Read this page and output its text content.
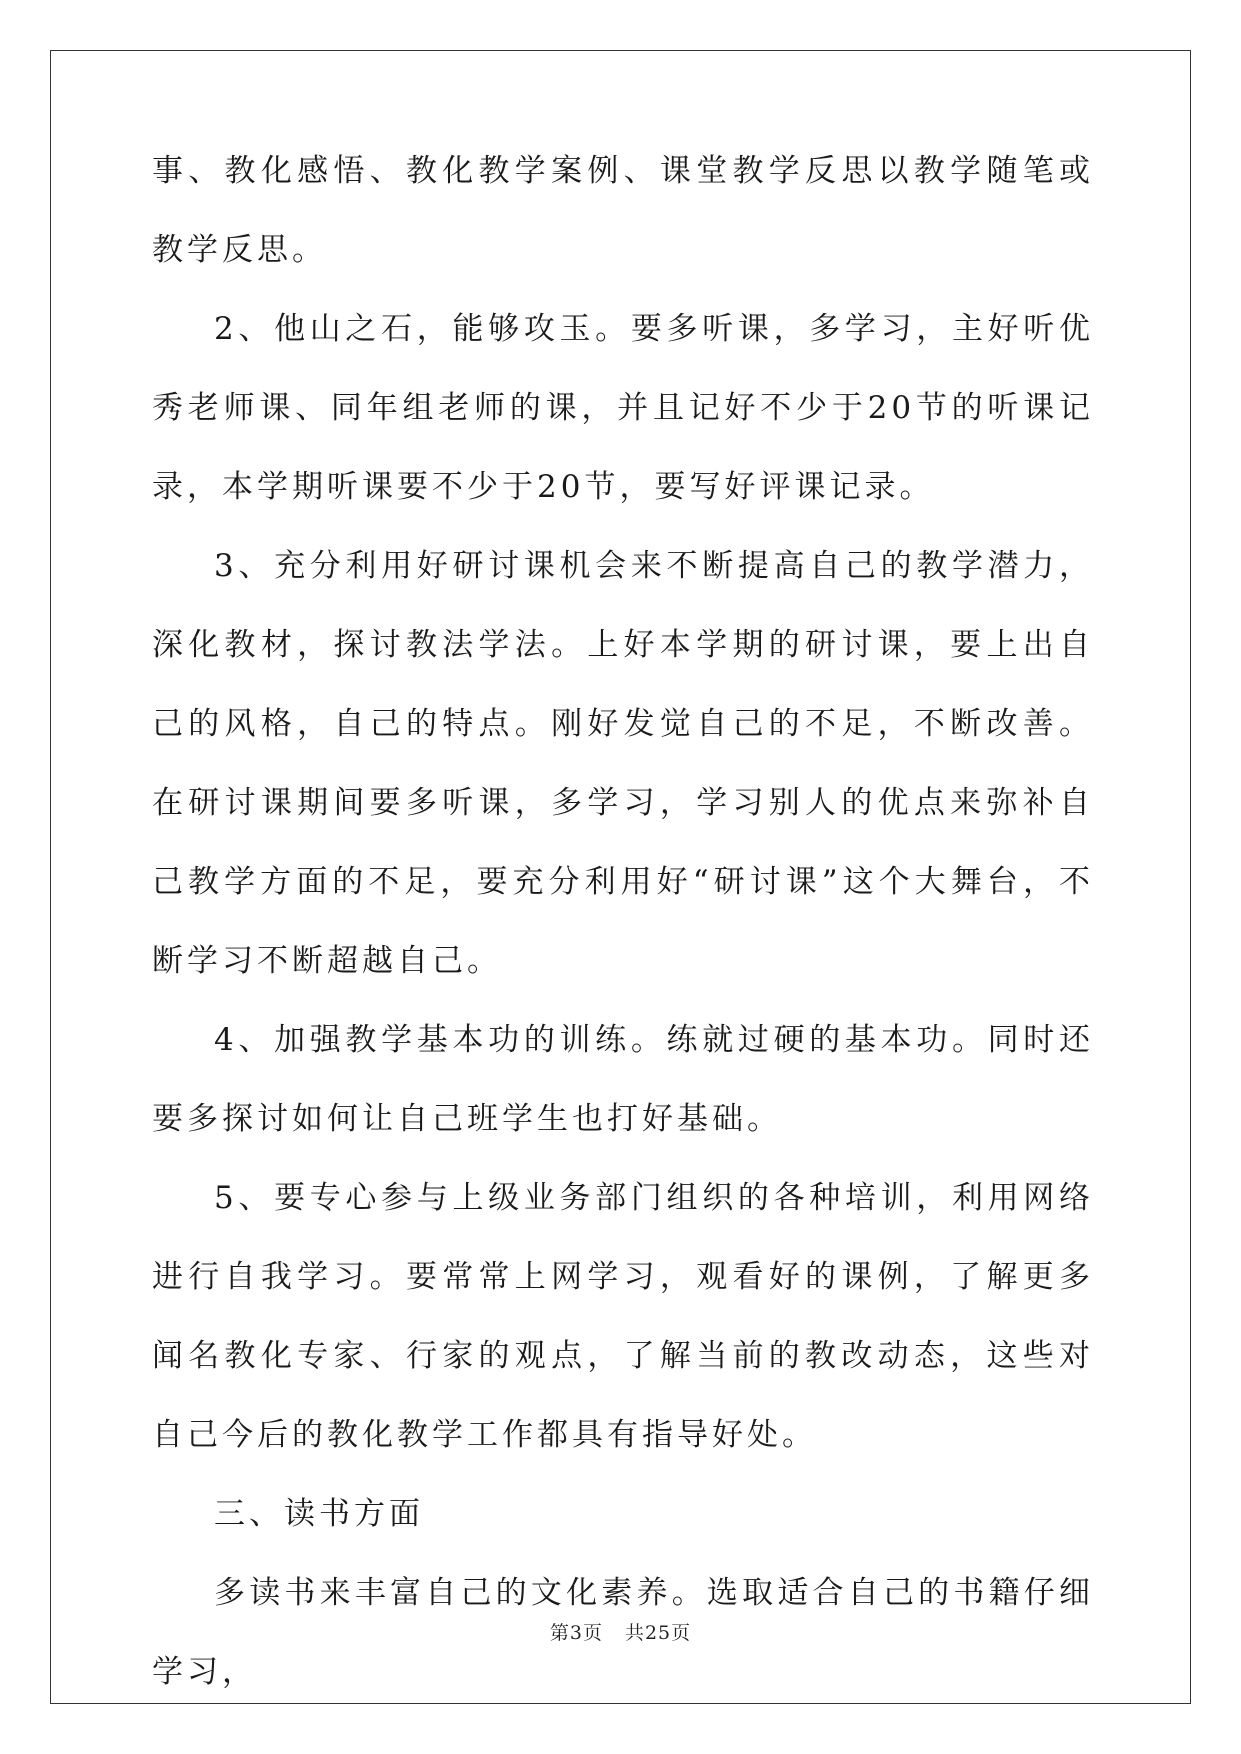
事、教化感悟、教化教学案例、课堂教学反思以教学随笔或教学反思。

2、他山之石，能够攻玉。要多听课，多学习，主好听优秀老师课、同年组老师的课，并且记好不少于20节的听课记录，本学期听课要不少于20节，要写好评课记录。

3、充分利用好研讨课机会来不断提高自己的教学潜力，深化教材，探讨教法学法。上好本学期的研讨课，要上出自己的风格，自己的特点。刚好发觉自己的不足，不断改善。在研讨课期间要多听课，多学习，学习别人的优点来弥补自己教学方面的不足，要充分利用好“研讨课”这个大舞台，不断学习不断超越自己。

4、加强教学基本功的训练。练就过硬的基本功。同时还要多探讨如何让自己班学生也打好基础。

5、要专心参与上级业务部门组织的各种培训，利用网络进行自我学习。要常常上网学习，观看好的课例，了解更多闻名教化专家、行家的观点，了解当前的教改动态，这些对自己今后的教化教学工作都具有指导好处。

三、读书方面

多读书来丰富自己的文化素养。选取适合自己的书籍仔细学习，

第3页 共25页
